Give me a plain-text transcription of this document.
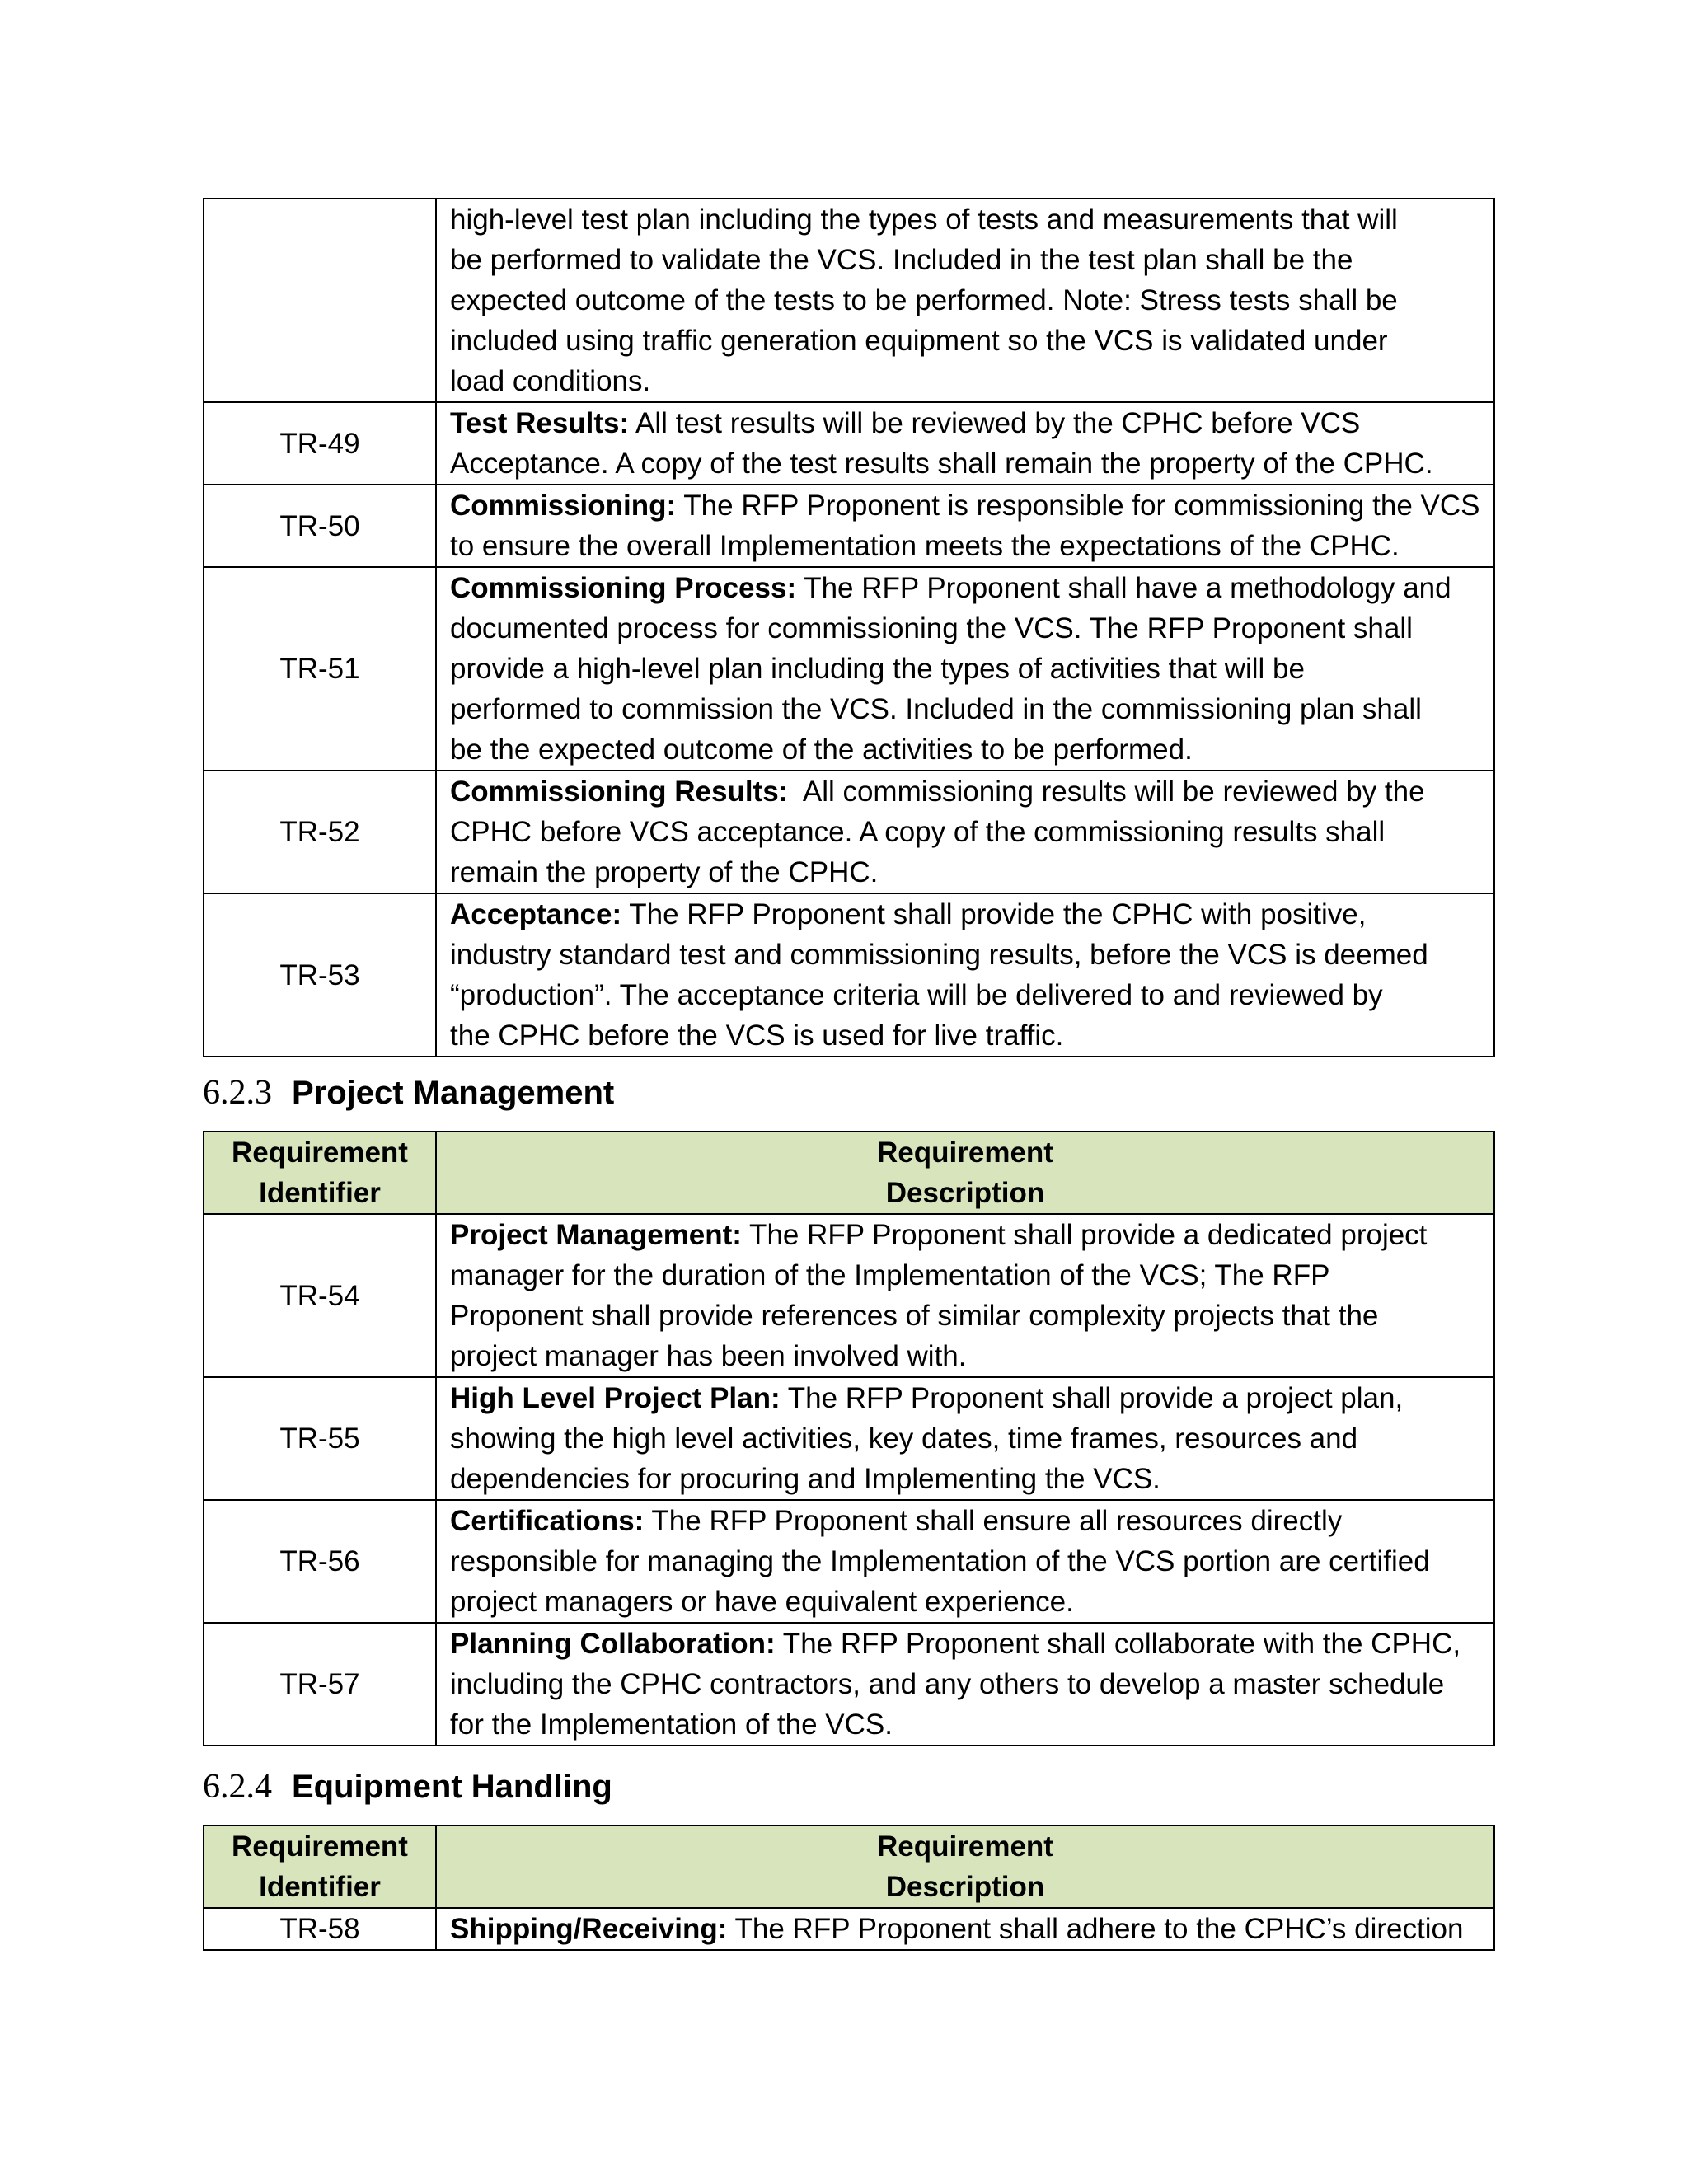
	high-level test plan including the types of tests and measurements that will
be performed to validate the VCS. Included in the test plan shall be the
expected outcome of the tests to be performed. Note: Stress tests shall be
included using traffic generation equipment so the VCS is validated under
load conditions.

TR-49	Test Results: All test results will be reviewed by the CPHC before VCS
Acceptance. A copy of the test results shall remain the property of the CPHC.

TR-50	Commissioning: The RFP Proponent is responsible for commissioning the VCS
to ensure the overall Implementation meets the expectations of the CPHC.

TR-51	Commissioning Process: The RFP Proponent shall have a methodology and
documented process for commissioning the VCS. The RFP Proponent shall
provide a high-level plan including the types of activities that will be
performed to commission the VCS. Included in the commissioning plan shall
be the expected outcome of the activities to be performed.

TR-52	Commissioning Results:  All commissioning results will be reviewed by the
CPHC before VCS acceptance. A copy of the commissioning results shall
remain the property of the CPHC.

TR-53	Acceptance: The RFP Proponent shall provide the CPHC with positive,
industry standard test and commissioning results, before the VCS is deemed
“production”. The acceptance criteria will be delivered to and reviewed by
the CPHC before the VCS is used for live traffic.
6.2.3 Project Management
Requirement
Identifier	Requirement
Description

TR-54	Project Management: The RFP Proponent shall provide a dedicated project
manager for the duration of the Implementation of the VCS; The RFP
Proponent shall provide references of similar complexity projects that the
project manager has been involved with.

TR-55	High Level Project Plan: The RFP Proponent shall provide a project plan,
showing the high level activities, key dates, time frames, resources and
dependencies for procuring and Implementing the VCS.

TR-56	Certifications: The RFP Proponent shall ensure all resources directly
responsible for managing the Implementation of the VCS portion are certified
project managers or have equivalent experience.

TR-57	Planning Collaboration: The RFP Proponent shall collaborate with the CPHC,
including the CPHC contractors, and any others to develop a master schedule
for the Implementation of the VCS.
6.2.4 Equipment Handling
Requirement
Identifier	Requirement
Description

TR-58	Shipping/Receiving: The RFP Proponent shall adhere to the CPHC’s direction
